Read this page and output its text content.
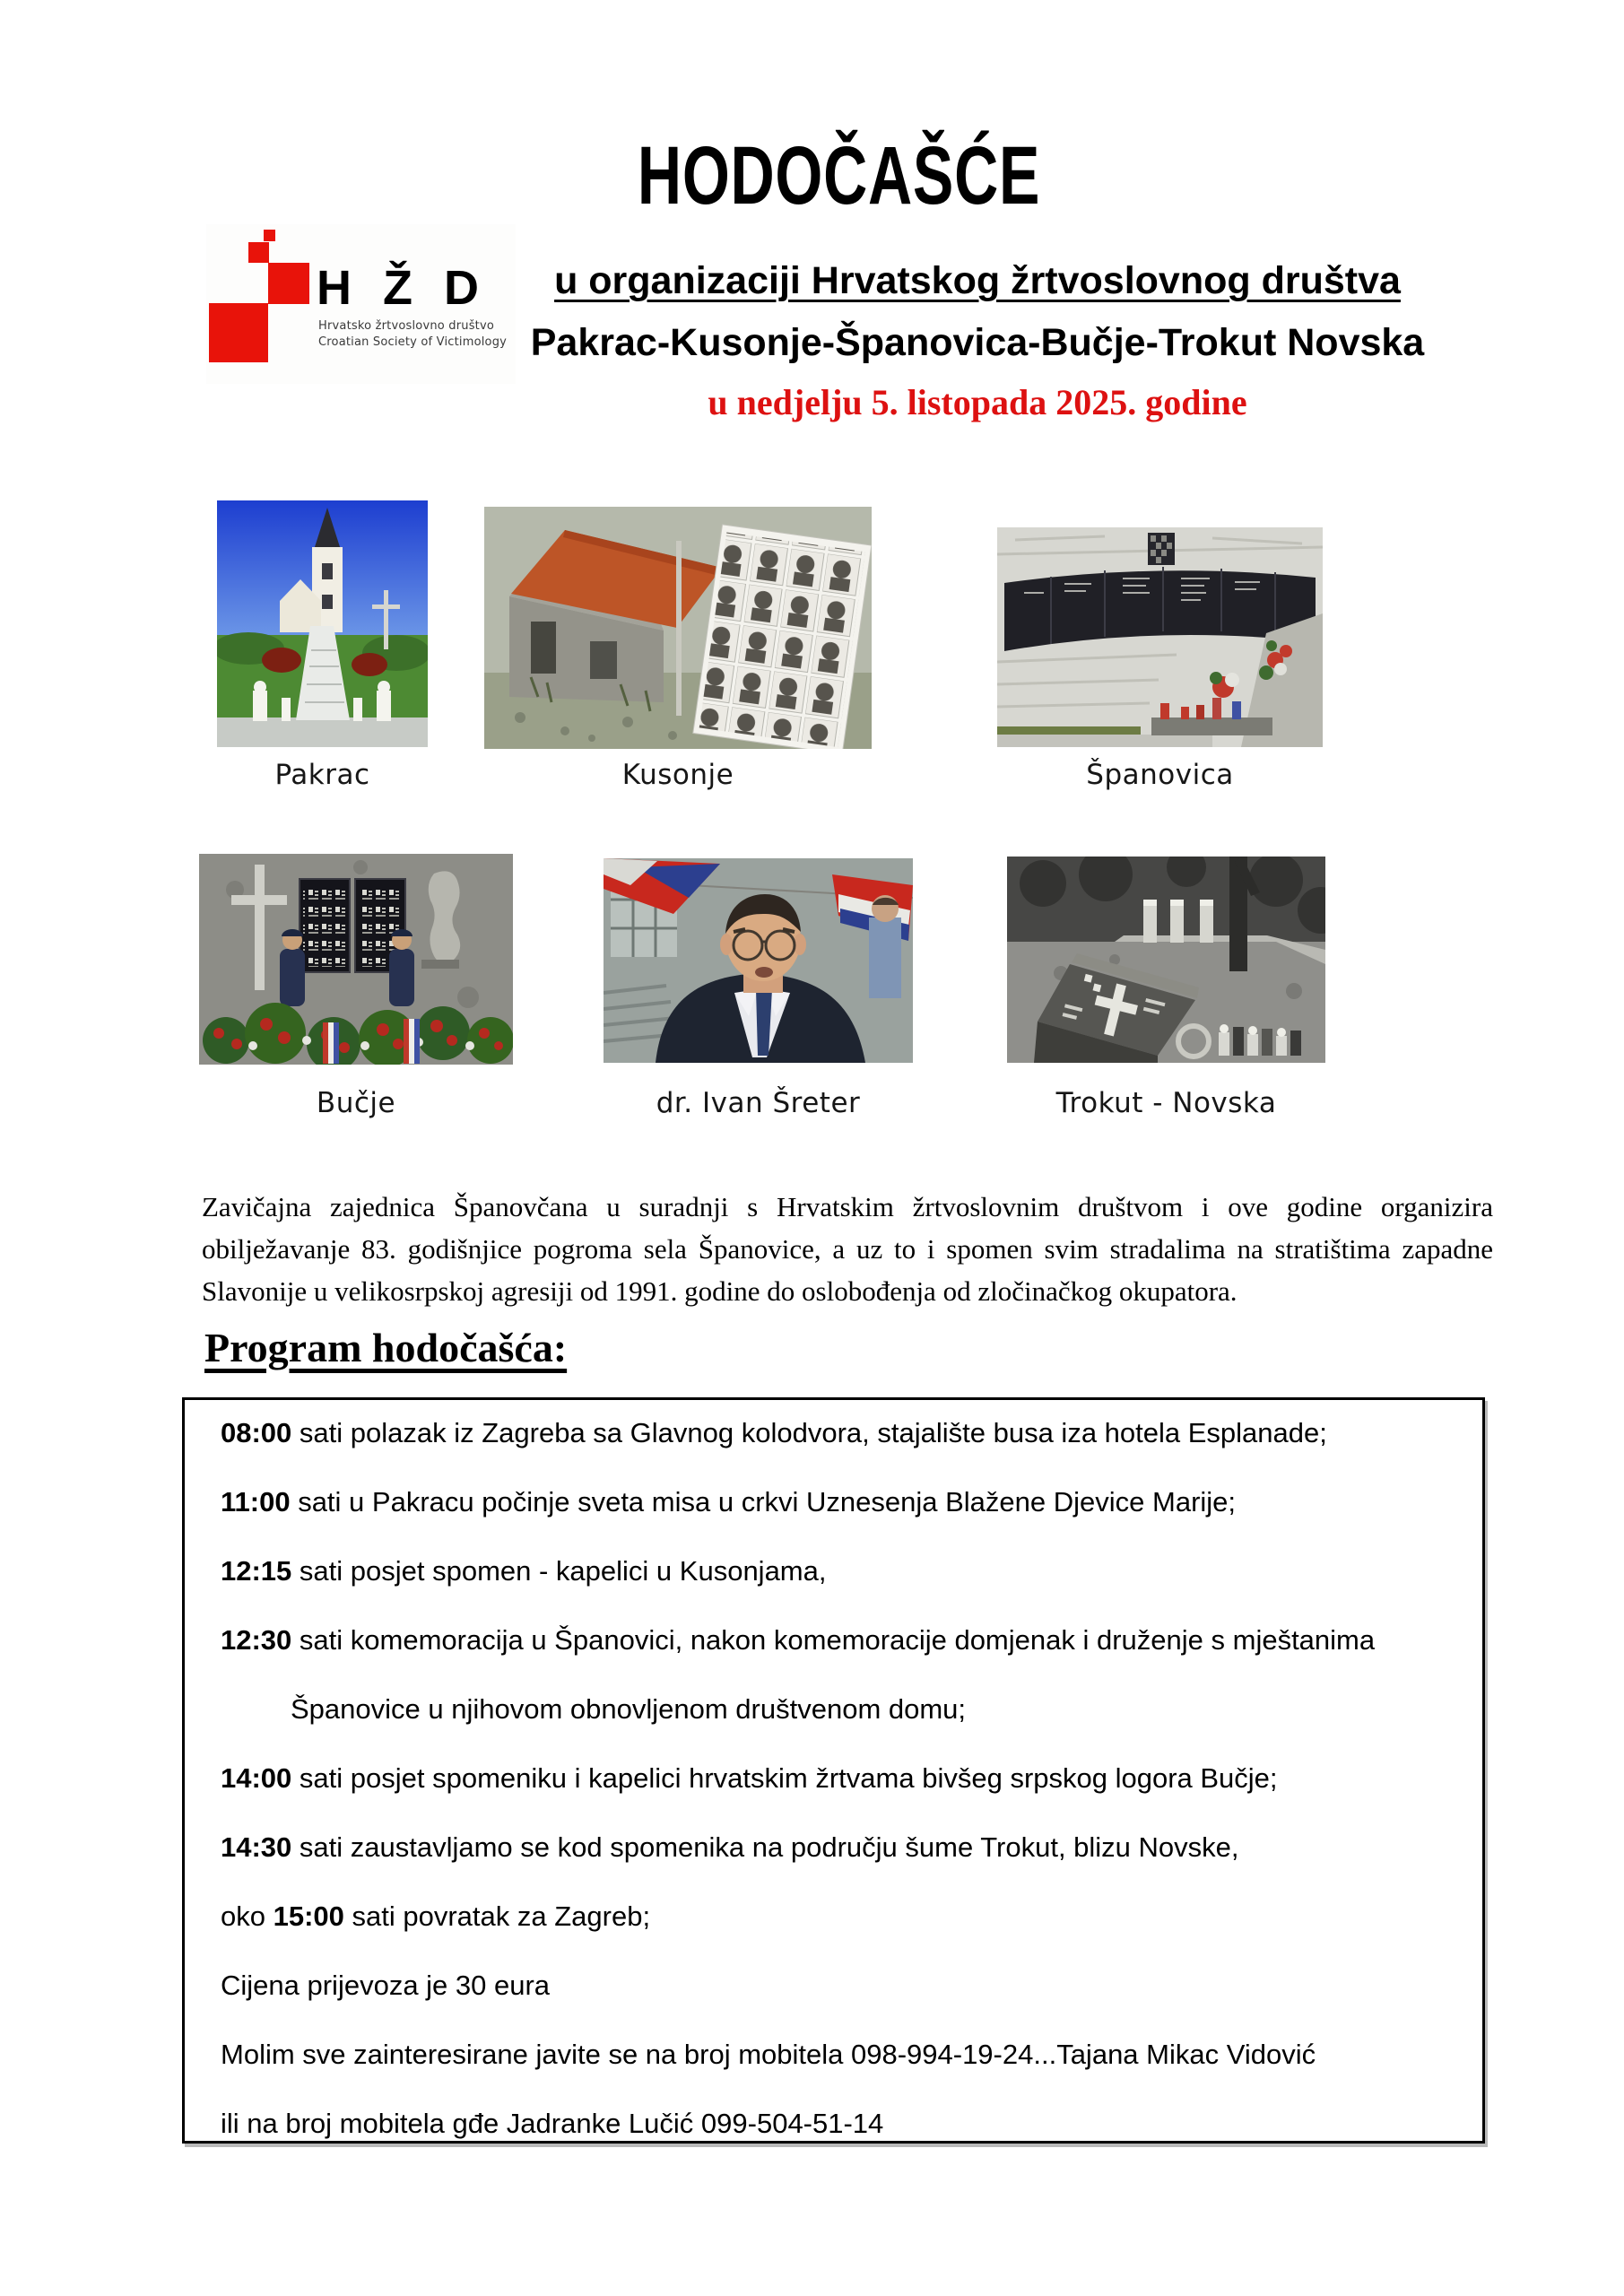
HODOČAŠĆE
H Ž D
Hrvatsko žrtvoslovno društvo
Croatian Society of Victimology
u organizaciji Hrvatskog žrtvoslovnog društva
Pakrac-Kusonje-Španovica-Bučje-Trokut Novska
u nedjelju 5. listopada 2025. godine
Pakrac	Kusonje	Španovica
Bučje	dr. Ivan Šreter	Trokut - Novska
Zavičajna zajednica Španovčana u suradnji s Hrvatskim žrtvoslovnim društvom i ove godine organizira obilježavanje 83. godišnjice pogroma sela Španovice, a uz to i spomen svim stradalima na stratištima zapadne Slavonije u velikosrpskoj agresiji od 1991. godine do oslobođenja od zločinačkog okupatora.
Program hodočašća:
08:00 sati polazak iz Zagreba sa Glavnog kolodvora, stajalište busa iza hotela Esplanade;
11:00 sati u Pakracu počinje sveta misa u crkvi Uznesenja Blažene Djevice Marije;
12:15 sati posjet spomen - kapelici u Kusonjama,
12:30 sati komemoracija u Španovici, nakon komemoracije domjenak i druženje s mještanima
Španovice u njihovom obnovljenom društvenom domu;
14:00 sati posjet spomeniku i kapelici hrvatskim žrtvama bivšeg srpskog logora Bučje;
14:30 sati zaustavljamo se kod spomenika na području šume Trokut, blizu Novske,
oko 15:00 sati povratak za Zagreb;
Cijena prijevoza je 30 eura
Molim sve zainteresirane javite se na broj mobitela 098-994-19-24...Tajana Mikac Vidović
ili na broj mobitela gđe Jadranke Lučić 099-504-51-14
